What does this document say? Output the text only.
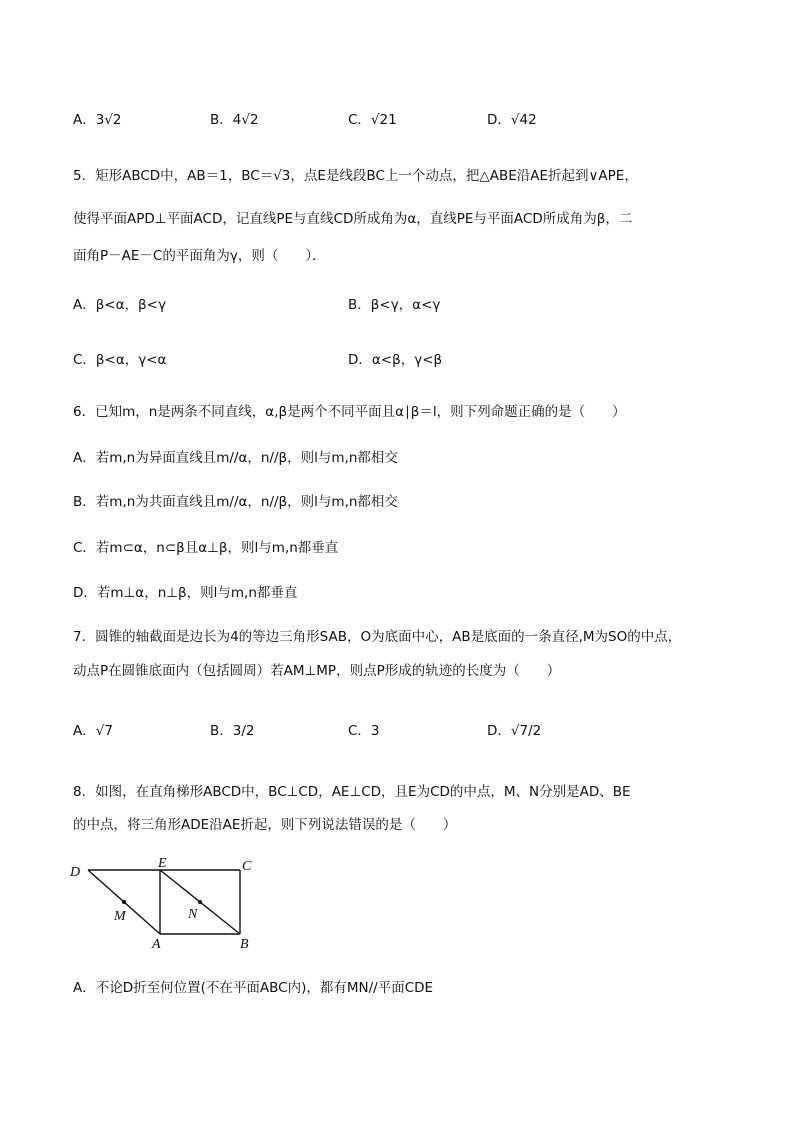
A．3√2	B．4√2	C．√21	D．√42
5．矩形ABCD中，AB＝1，BC＝√3，点E是线段BC上一个动点，把△ABE沿AE折起到∨APE，
使得平面APD⊥平面ACD，记直线PE与直线CD所成角为α，直线PE与平面ACD所成角为β，二
面角P－AE－C的平面角为γ，则（　　）．
A．β<α，β<γ	B．β<γ，α<γ
C．β<α，γ<α	D．α<β，γ<β
6．已知m，n是两条不同直线，α,β是两个不同平面且α∣β＝l，则下列命题正确的是（　　）
A．若m,n为异面直线且m//α，n//β，则l与m,n都相交
B．若m,n为共面直线且m//α，n//β，则l与m,n都相交
C．若m⊂α，n⊂β且α⊥β，则l与m,n都垂直
D．若m⊥α，n⊥β，则l与m,n都垂直
7．圆锥的轴截面是边长为4的等边三角形SAB，O为底面中心，AB是底面的一条直径,M为SO的中点，
动点P在圆锥底面内（包括圆周）若AM⊥MP，则点P形成的轨迹的长度为（　　）
A．√7	B．3/2	C．3	D．√7/2
8．如图，在直角梯形ABCD中，BC⊥CD，AE⊥CD，且E为CD的中点，M、N分别是AD、BE
的中点，将三角形ADE沿AE折起，则下列说法错误的是（　　）
D
E	C
M	N
A	B
A．不论D折至何位置(不在平面ABC内)，都有MN//平面CDE
